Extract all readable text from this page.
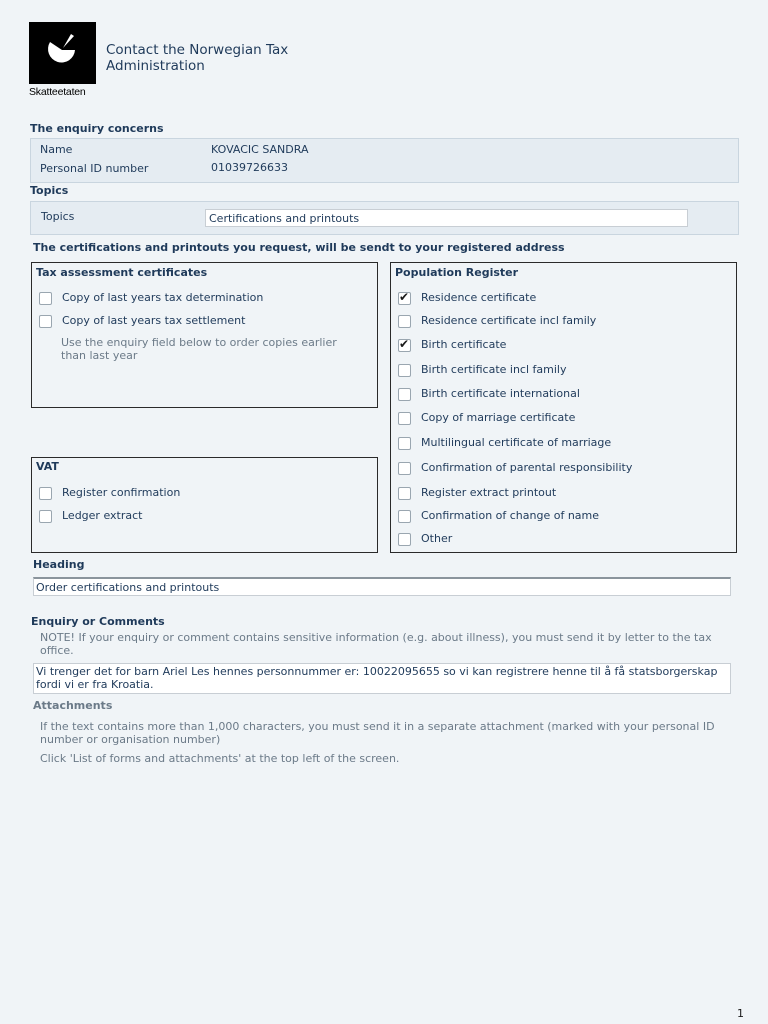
Skatteetaten
Contact the Norwegian Tax Administration
The enquiry concerns
Name	KOVACIC SANDRA
Personal ID number	01039726633
Topics
Topics	Certifications and printouts
The certifications and printouts you request, will be sendt to your registered address
Tax assessment certificates
Copy of last years tax determination
Copy of last years tax settlement
Use the enquiry field below to order copies earlier than last year
VAT
Register confirmation
Ledger extract
Population Register
✔
Residence certificate
Residence certificate incl family
✔
Birth certificate
Birth certificate incl family
Birth certificate international
Copy of marriage certificate
Multilingual certificate of marriage
Confirmation of parental responsibility
Register extract printout
Confirmation of change of name
Other
Heading
Order certifications and printouts
Enquiry or Comments
NOTE! If your enquiry or comment contains sensitive information (e.g. about illness), you must send it by letter to the tax office.
Vi trenger det for barn Ariel Les hennes personnummer er: 10022095655 so vi kan registrere henne til å få statsborgerskap fordi vi er fra Kroatia.
Attachments
If the text contains more than 1,000 characters, you must send it in a separate attachment (marked with your personal ID number or organisation number)
Click 'List of forms and attachments' at the top left of the screen.
1
